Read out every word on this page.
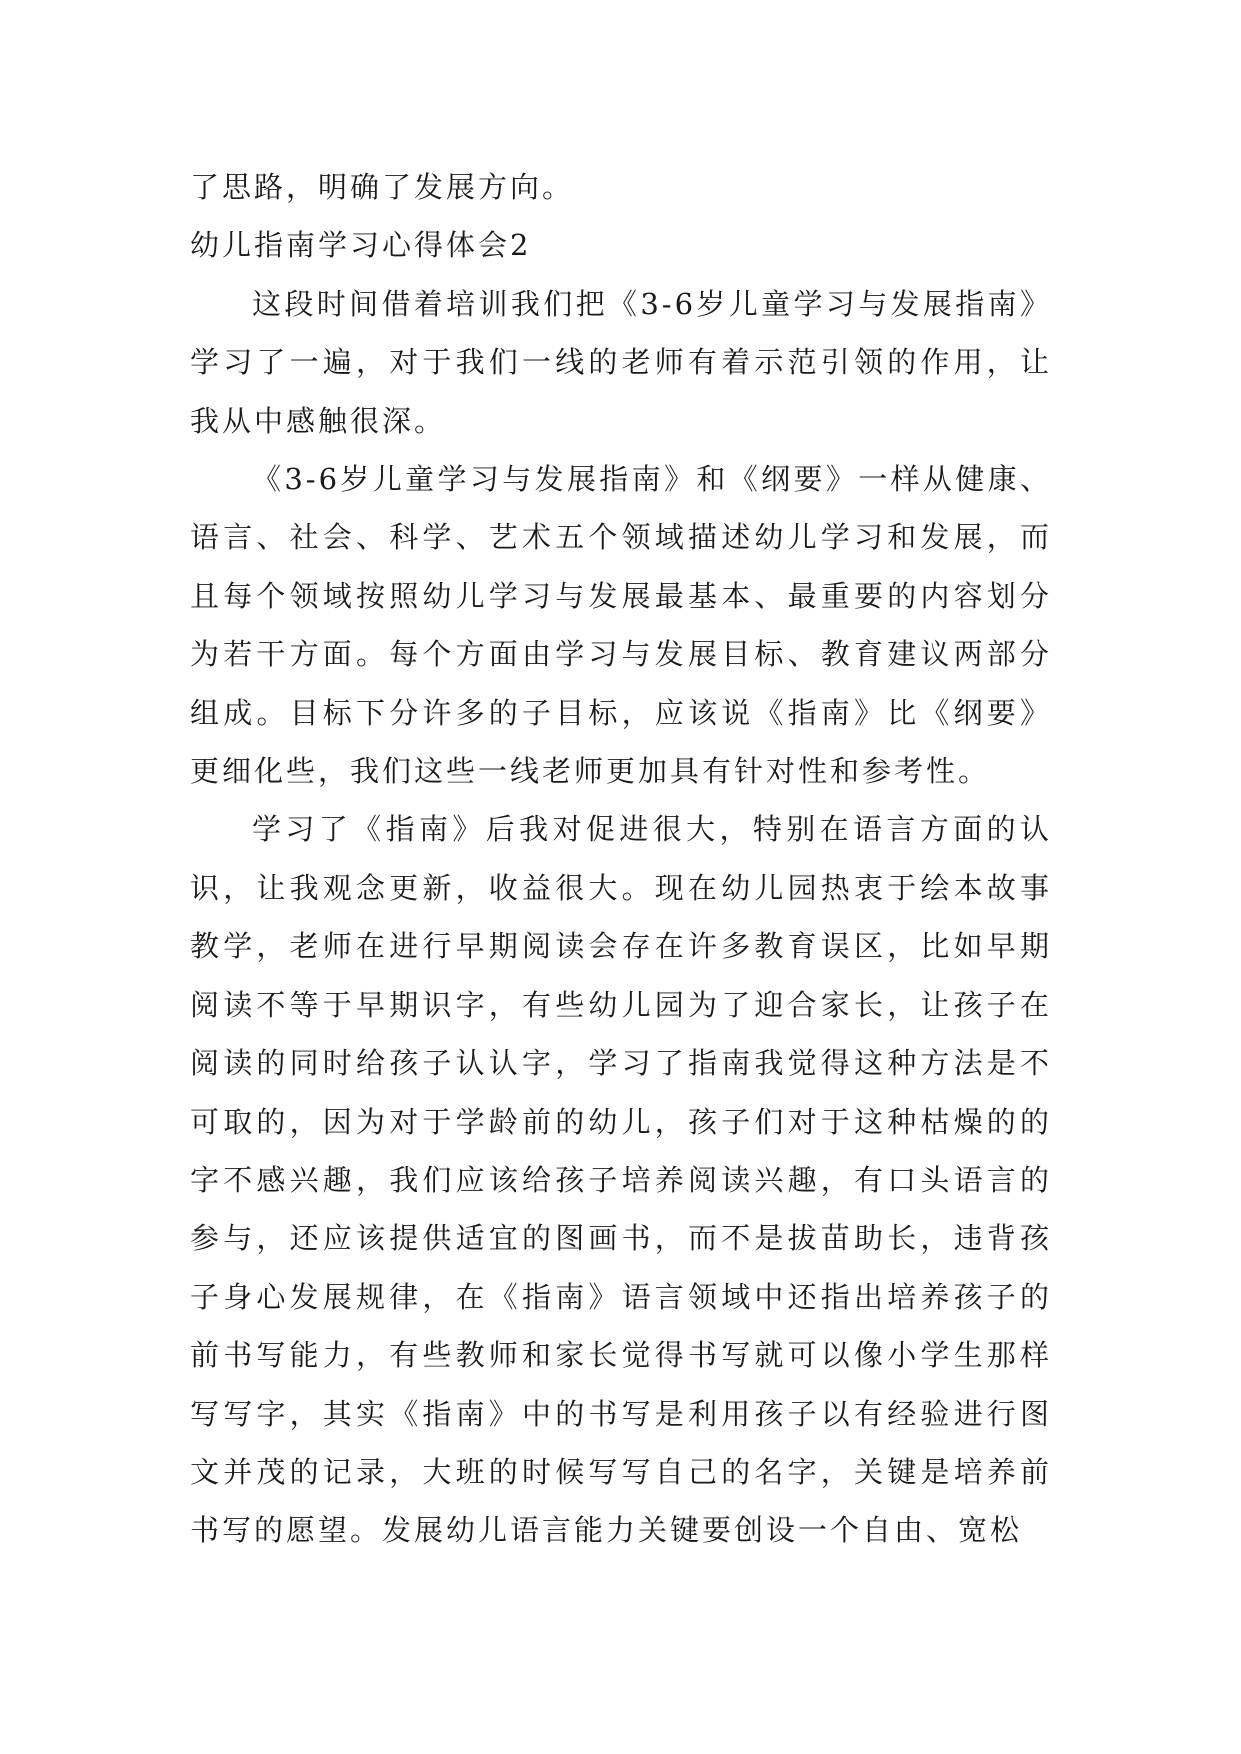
了思路，明确了发展方向。

幼儿指南学习心得体会2

这段时间借着培训我们把《3-6岁儿童学习与发展指南》学习了一遍，对于我们一线的老师有着示范引领的作用，让我从中感触很深。

《3-6岁儿童学习与发展指南》和《纲要》一样从健康、语言、社会、科学、艺术五个领域描述幼儿学习和发展，而且每个领域按照幼儿学习与发展最基本、最重要的内容划分为若干方面。每个方面由学习与发展目标、教育建议两部分组成。目标下分许多的子目标，应该说《指南》比《纲要》更细化些，我们这些一线老师更加具有针对性和参考性。

学习了《指南》后我对促进很大，特别在语言方面的认识，让我观念更新，收益很大。现在幼儿园热衷于绘本故事教学，老师在进行早期阅读会存在许多教育误区，比如早期阅读不等于早期识字，有些幼儿园为了迎合家长，让孩子在阅读的同时给孩子认认字，学习了指南我觉得这种方法是不可取的，因为对于学龄前的幼儿，孩子们对于这种枯燥的的字不感兴趣，我们应该给孩子培养阅读兴趣，有口头语言的参与，还应该提供适宜的图画书，而不是拔苗助长，违背孩子身心发展规律，在《指南》语言领域中还指出培养孩子的前书写能力，有些教师和家长觉得书写就可以像小学生那样写写字，其实《指南》中的书写是利用孩子以有经验进行图文并茂的记录，大班的时候写写自己的名字，关键是培养前书写的愿望。发展幼儿语言能力关键要创设一个自由、宽松
